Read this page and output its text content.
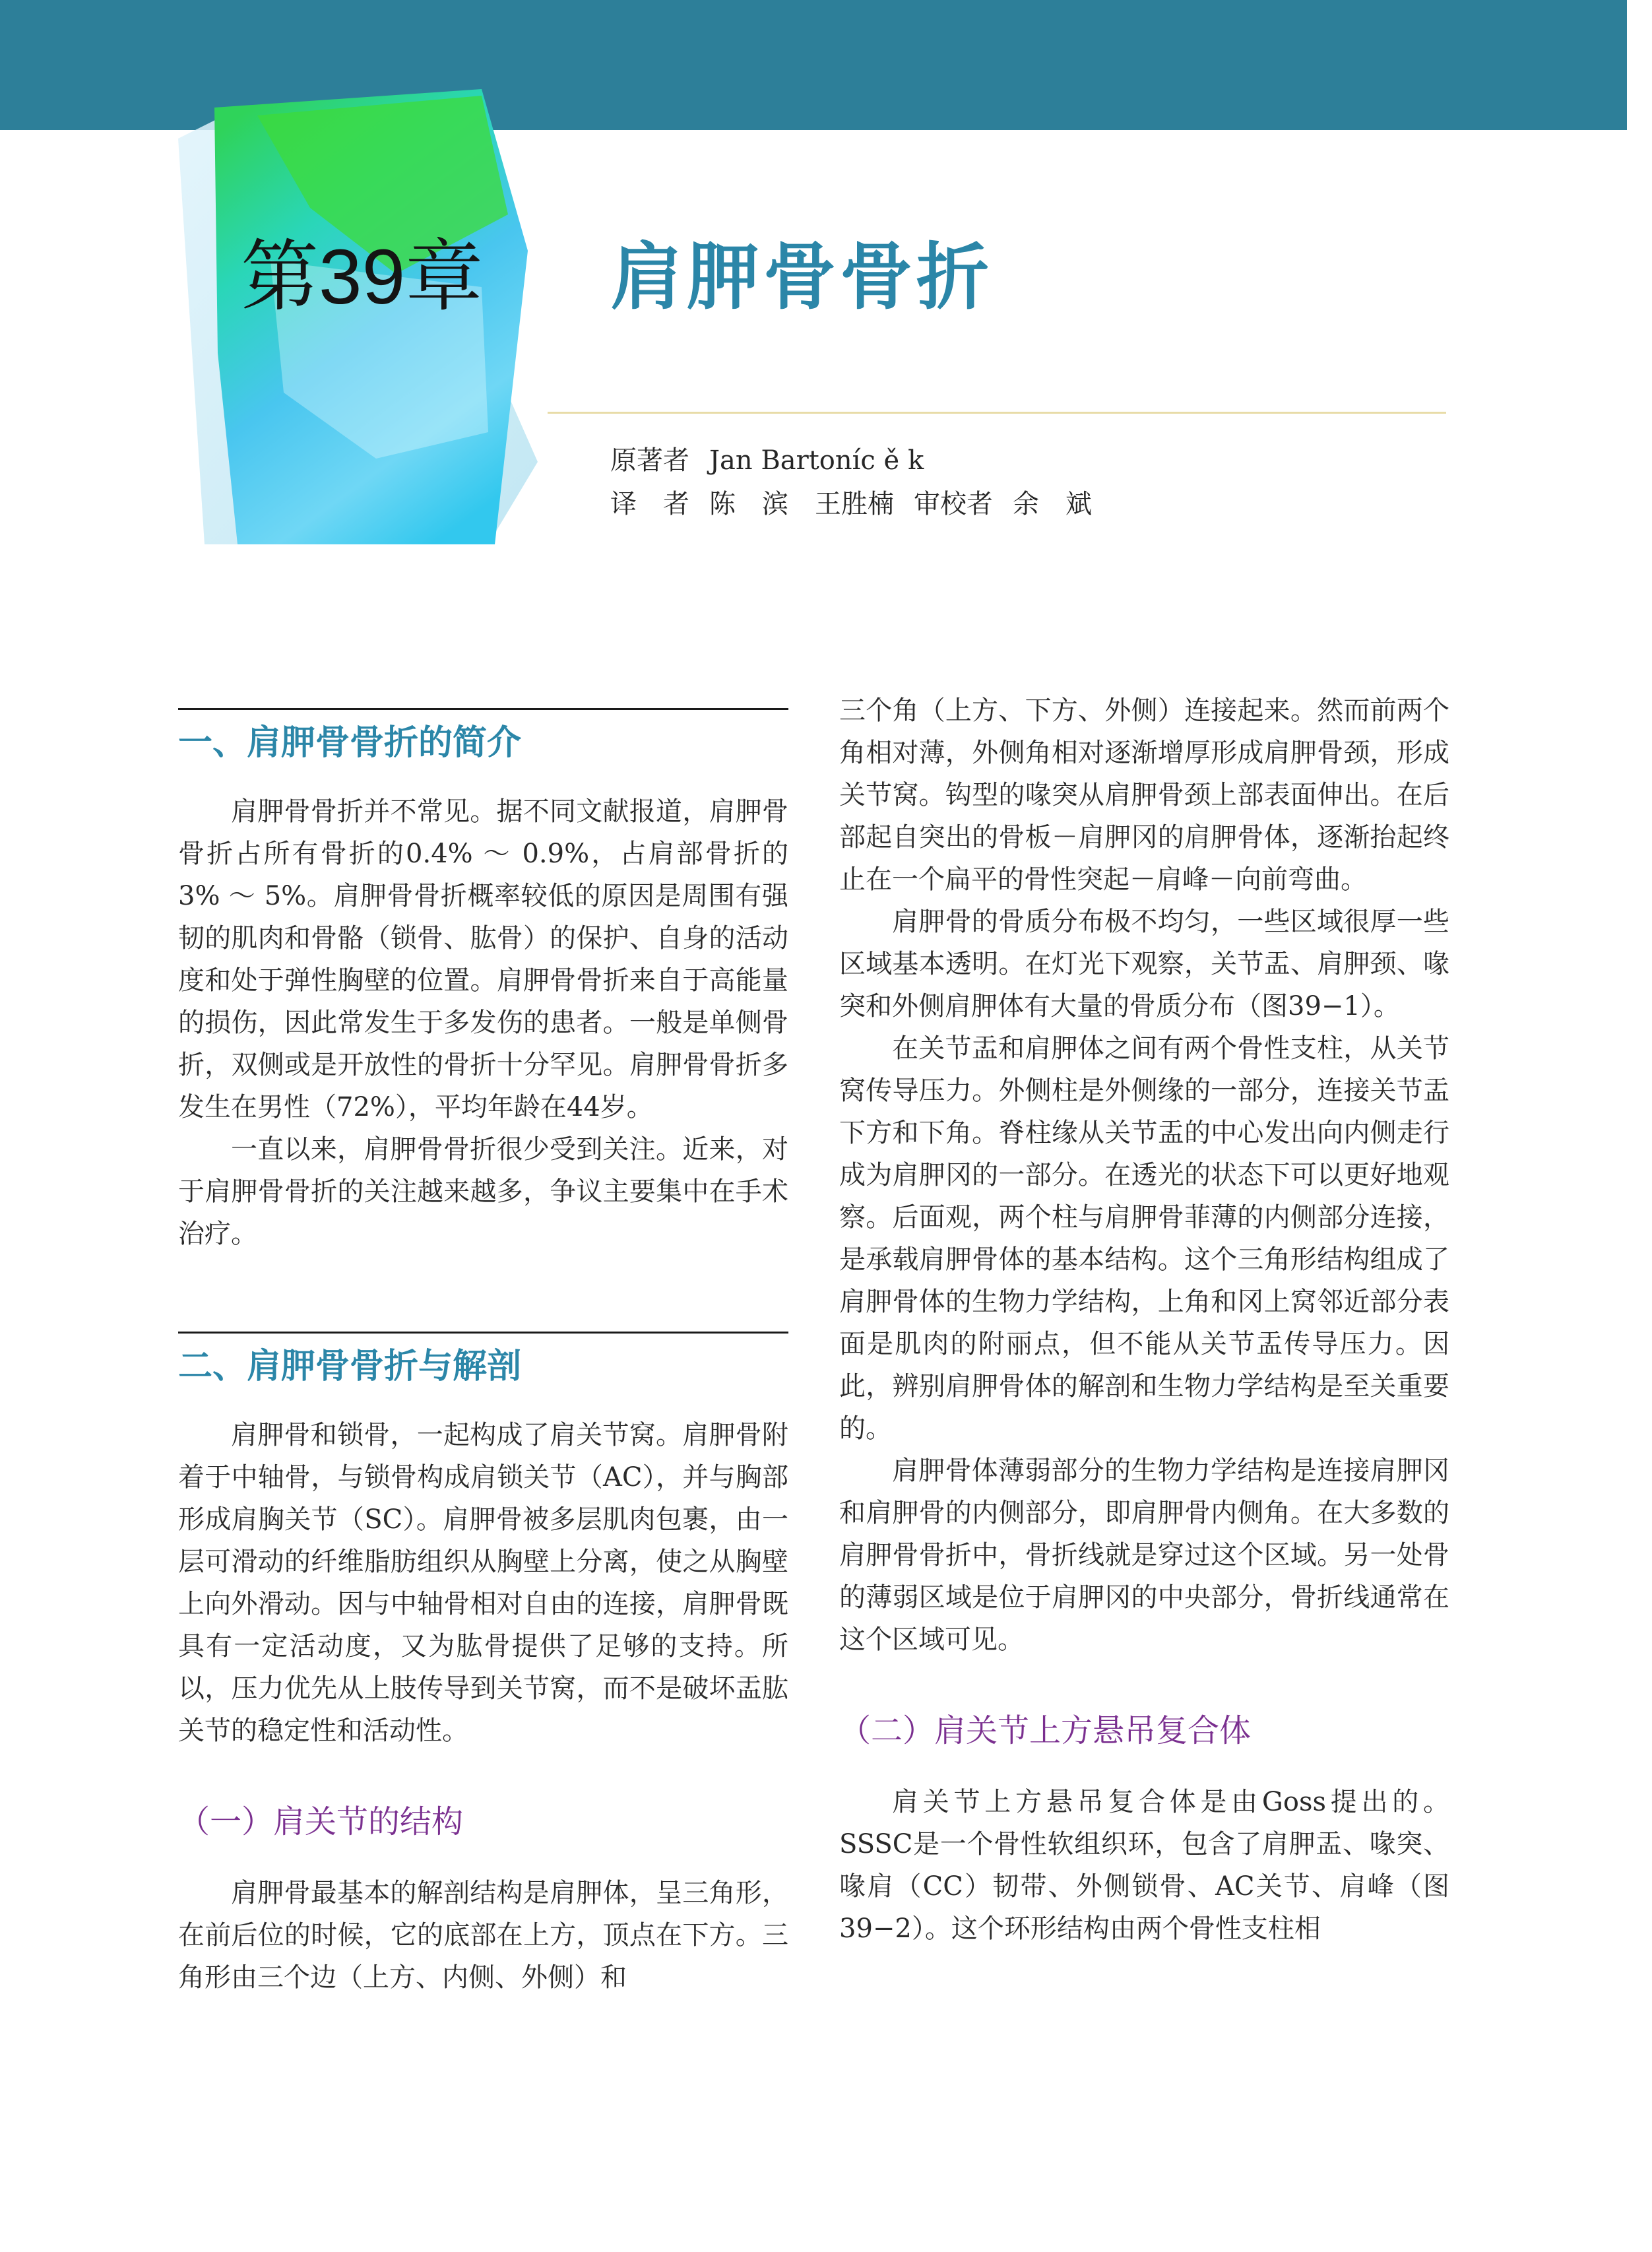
第39章 肩胛骨骨折
原著者 Jan Bartoníc ě k
译　者 陈　滨　王胜楠 审校者 余　斌
一、肩胛骨骨折的简介

肩胛骨骨折并不常见。据不同文献报道，肩胛骨骨折占所有骨折的0.4% ～ 0.9%，占肩部骨折的3% ～ 5%。肩胛骨骨折概率较低的原因是周围有强韧的肌肉和骨骼（锁骨、肱骨）的保护、自身的活动度和处于弹性胸壁的位置。肩胛骨骨折来自于高能量的损伤，因此常发生于多发伤的患者。一般是单侧骨折，双侧或是开放性的骨折十分罕见。肩胛骨骨折多发生在男性（72%），平均年龄在44岁。

一直以来，肩胛骨骨折很少受到关注。近来，对于肩胛骨骨折的关注越来越多，争议主要集中在手术治疗。

二、肩胛骨骨折与解剖

肩胛骨和锁骨，一起构成了肩关节窝。肩胛骨附着于中轴骨，与锁骨构成肩锁关节（AC），并与胸部形成肩胸关节（SC）。肩胛骨被多层肌肉包裹，由一层可滑动的纤维脂肪组织从胸壁上分离，使之从胸壁上向外滑动。因与中轴骨相对自由的连接，肩胛骨既具有一定活动度，又为肱骨提供了足够的支持。所以，压力优先从上肢传导到关节窝，而不是破坏盂肱关节的稳定性和活动性。

（一）肩关节的结构

肩胛骨最基本的解剖结构是肩胛体，呈三角形，在前后位的时候，它的底部在上方，顶点在下方。三角形由三个边（上方、内侧、外侧）和

三个角（上方、下方、外侧）连接起来。然而前两个角相对薄，外侧角相对逐渐增厚形成肩胛骨颈，形成关节窝。钩型的喙突从肩胛骨颈上部表面伸出。在后部起自突出的骨板－肩胛冈的肩胛骨体，逐渐抬起终止在一个扁平的骨性突起－肩峰－向前弯曲。

肩胛骨的骨质分布极不均匀，一些区域很厚一些区域基本透明。在灯光下观察，关节盂、肩胛颈、喙突和外侧肩胛体有大量的骨质分布（图39−1）。

在关节盂和肩胛体之间有两个骨性支柱，从关节窝传导压力。外侧柱是外侧缘的一部分，连接关节盂下方和下角。脊柱缘从关节盂的中心发出向内侧走行成为肩胛冈的一部分。在透光的状态下可以更好地观察。后面观，两个柱与肩胛骨菲薄的内侧部分连接，是承载肩胛骨体的基本结构。这个三角形结构组成了肩胛骨体的生物力学结构，上角和冈上窝邻近部分表面是肌肉的附丽点，但不能从关节盂传导压力。因此，辨别肩胛骨体的解剖和生物力学结构是至关重要的。

肩胛骨体薄弱部分的生物力学结构是连接肩胛冈和肩胛骨的内侧部分，即肩胛骨内侧角。在大多数的肩胛骨骨折中，骨折线就是穿过这个区域。另一处骨的薄弱区域是位于肩胛冈的中央部分，骨折线通常在这个区域可见。

（二）肩关节上方悬吊复合体

肩关节上方悬吊复合体是由Goss提出的。SSSC是一个骨性软组织环，包含了肩胛盂、喙突、喙肩（CC）韧带、外侧锁骨、AC关节、肩峰（图39−2）。这个环形结构由两个骨性支柱相
